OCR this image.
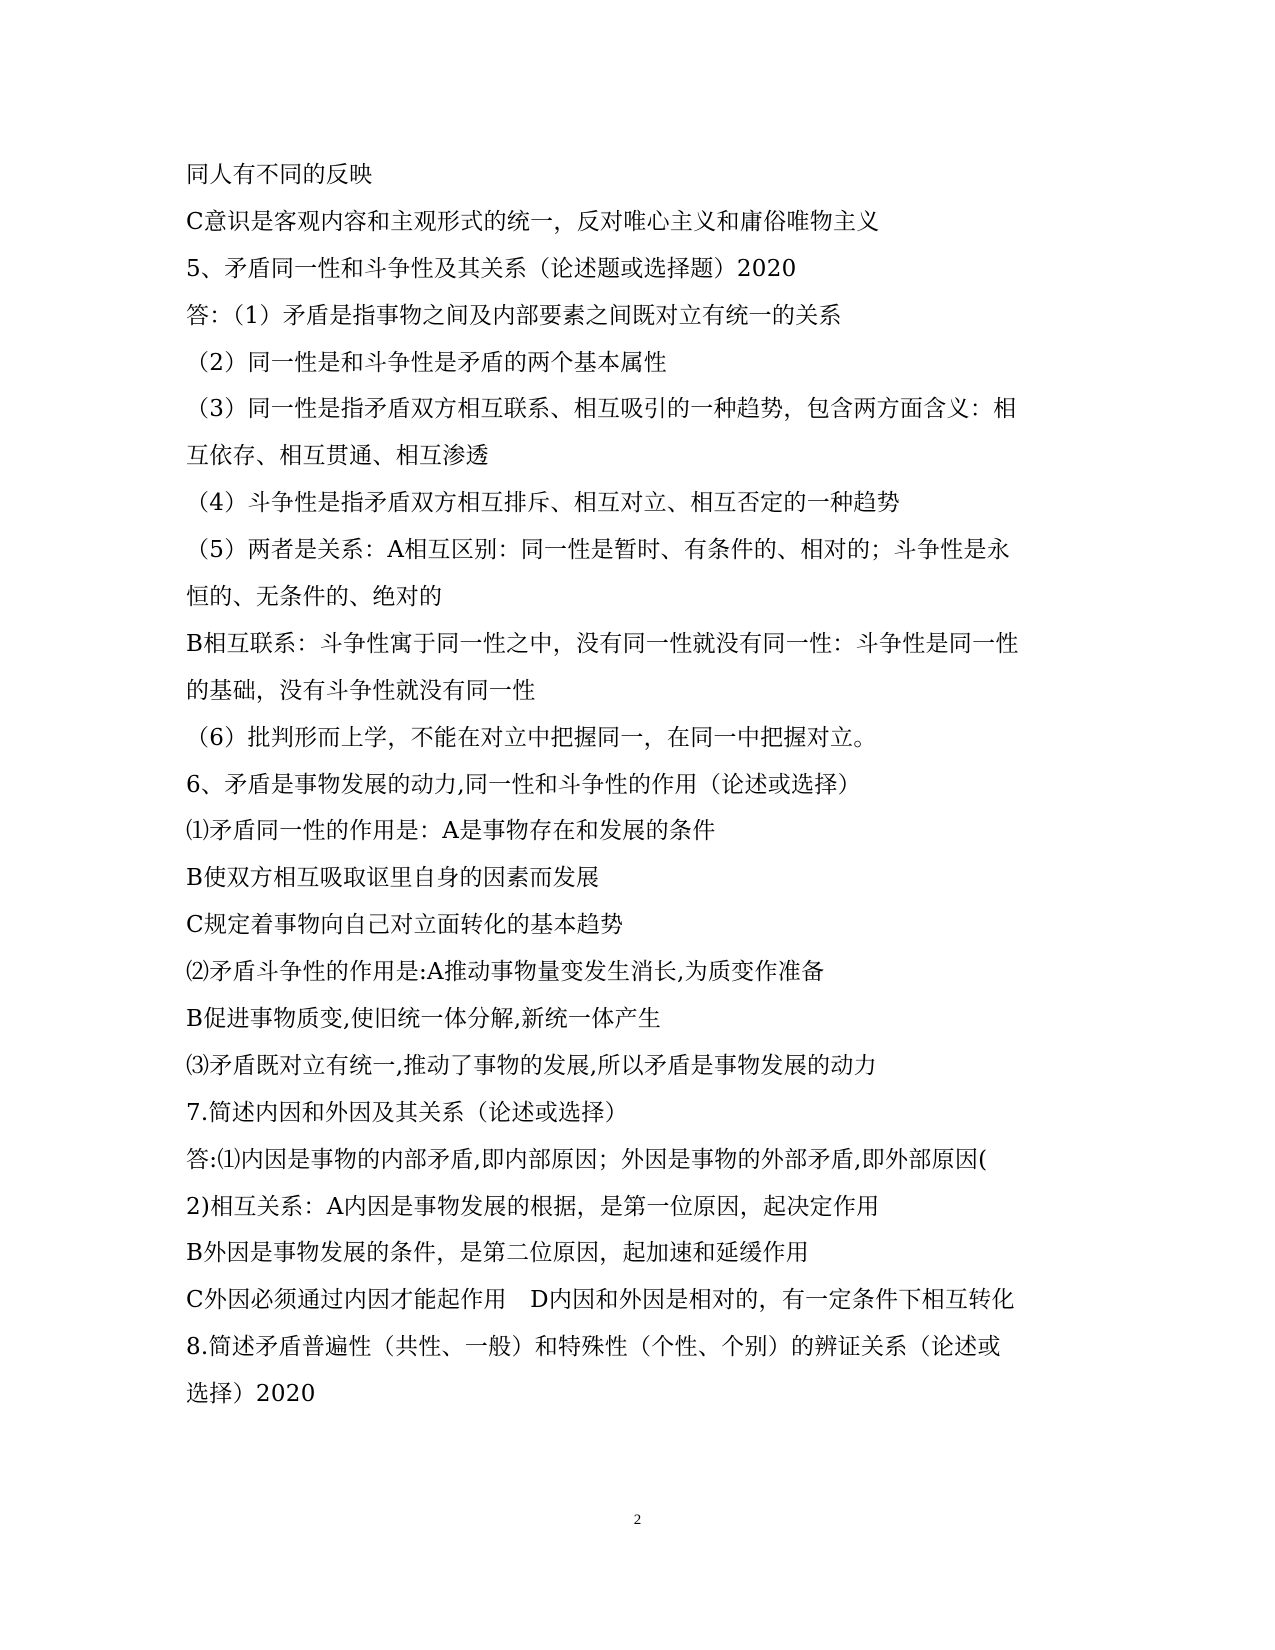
同人有不同的反映
C意识是客观内容和主观形式的统一，反对唯心主义和庸俗唯物主义
5、矛盾同一性和斗争性及其关系（论述题或选择题）2020
答：（1）矛盾是指事物之间及内部要素之间既对立有统一的关系
（2）同一性是和斗争性是矛盾的两个基本属性
（3）同一性是指矛盾双方相互联系、相互吸引的一种趋势，包含两方面含义：相
互依存、相互贯通、相互渗透
（4）斗争性是指矛盾双方相互排斥、相互对立、相互否定的一种趋势
（5）两者是关系：A相互区别：同一性是暂时、有条件的、相对的；斗争性是永
恒的、无条件的、绝对的
B相互联系：斗争性寓于同一性之中，没有同一性就没有同一性：斗争性是同一性
的基础，没有斗争性就没有同一性
（6）批判形而上学，不能在对立中把握同一，在同一中把握对立。
6、矛盾是事物发展的动力,同一性和斗争性的作用（论述或选择）
⑴矛盾同一性的作用是：A是事物存在和发展的条件
B使双方相互吸取讴里自身的因素而发展
C规定着事物向自己对立面转化的基本趋势
⑵矛盾斗争性的作用是:A推动事物量变发生消长,为质变作准备
B促进事物质变,使旧统一体分解,新统一体产生
⑶矛盾既对立有统一,推动了事物的发展,所以矛盾是事物发展的动力
7.简述内因和外因及其关系（论述或选择）
答:⑴内因是事物的内部矛盾,即内部原因；外因是事物的外部矛盾,即外部原因(
2)相互关系：A内因是事物发展的根据，是第一位原因，起决定作用
B外因是事物发展的条件，是第二位原因，起加速和延缓作用
C外因必须通过内因才能起作用　D内因和外因是相对的，有一定条件下相互转化
8.简述矛盾普遍性（共性、一般）和特殊性（个性、个别）的辨证关系（论述或
选择）2020
2
